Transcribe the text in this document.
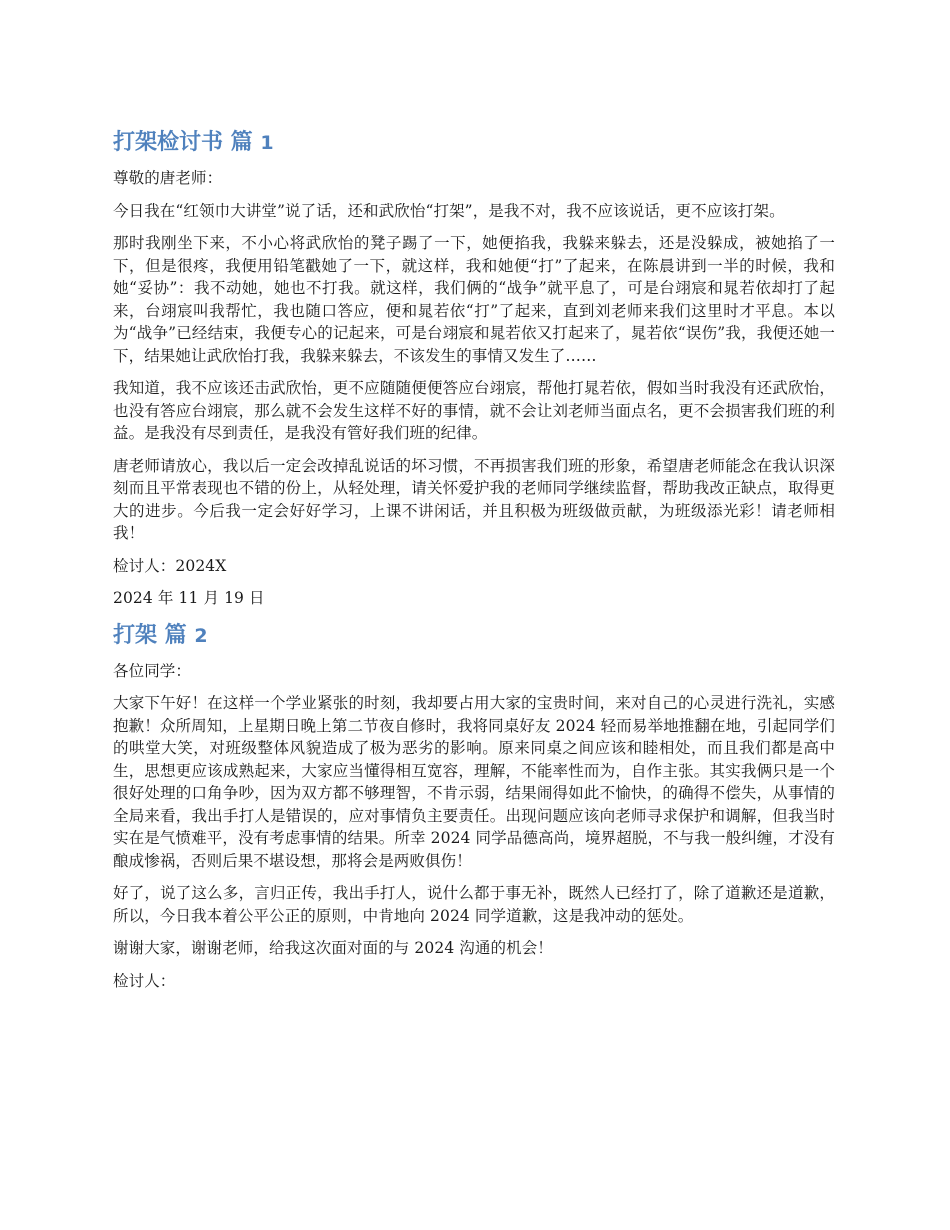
打架检讨书 篇 1

尊敬的唐老师：

今日我在“红领巾大讲堂”说了话，还和武欣怡“打架”，是我不对，我不应该说话，更不应该打架。

那时我刚坐下来，不小心将武欣怡的凳子踢了一下，她便掐我，我躲来躲去，还是没躲成，被她掐了一下，但是很疼，我便用铅笔戳她了一下，就这样，我和她便“打”了起来，在陈晨讲到一半的时候，我和她“妥协”：我不动她，她也不打我。就这样，我们俩的“战争”就平息了，可是台翊宸和晁若依却打了起来，台翊宸叫我帮忙，我也随口答应，便和晁若依“打”了起来，直到刘老师来我们这里时才平息。本以为“战争”已经结束，我便专心的记起来，可是台翊宸和晁若依又打起来了，晁若依“误伤”我，我便还她一下，结果她让武欣怡打我，我躲来躲去，不该发生的事情又发生了……

我知道，我不应该还击武欣怡，更不应随随便便答应台翊宸，帮他打晁若依，假如当时我没有还武欣怡，也没有答应台翊宸，那么就不会发生这样不好的事情，就不会让刘老师当面点名，更不会损害我们班的利益。是我没有尽到责任，是我没有管好我们班的纪律。

唐老师请放心，我以后一定会改掉乱说话的坏习惯，不再损害我们班的形象，希望唐老师能念在我认识深刻而且平常表现也不错的份上，从轻处理，请关怀爱护我的老师同学继续监督，帮助我改正缺点，取得更大的进步。今后我一定会好好学习，上课不讲闲话，并且积极为班级做贡献，为班级添光彩！请老师相我！

检讨人：2024X

2024 年 11 月 19 日

打架 篇 2

各位同学：

大家下午好！在这样一个学业紧张的时刻，我却要占用大家的宝贵时间，来对自己的心灵进行洗礼，实感抱歉！众所周知，上星期日晚上第二节夜自修时，我将同桌好友 2024 轻而易举地推翻在地，引起同学们的哄堂大笑，对班级整体风貌造成了极为恶劣的影响。原来同桌之间应该和睦相处，而且我们都是高中生，思想更应该成熟起来，大家应当懂得相互宽容，理解，不能率性而为，自作主张。其实我俩只是一个很好处理的口角争吵，因为双方都不够理智，不肯示弱，结果闹得如此不愉快，的确得不偿失，从事情的全局来看，我出手打人是错误的，应对事情负主要责任。出现问题应该向老师寻求保护和调解，但我当时实在是气愤难平，没有考虑事情的结果。所幸 2024 同学品德高尚，境界超脱，不与我一般纠缠，才没有酿成惨祸，否则后果不堪设想，那将会是两败俱伤！

好了，说了这么多，言归正传，我出手打人，说什么都于事无补，既然人已经打了，除了道歉还是道歉，所以，今日我本着公平公正的原则，中肯地向 2024 同学道歉，这是我冲动的惩处。

谢谢大家，谢谢老师，给我这次面对面的与 2024 沟通的机会！

检讨人：
